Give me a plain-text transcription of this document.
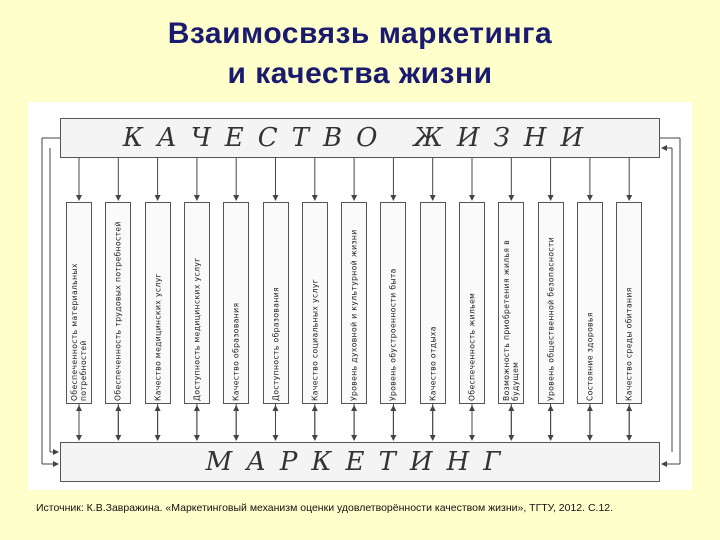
Взаимосвязь маркетинга
и качества жизни
КАЧЕСТВО ЖИЗНИ
Обеспеченность материальных потребностей	Обеспеченность трудовых потребностей	Качество медицинских услуг	Доступность медицинских услуг	Качество образования	Доступность образования	Качество социальных услуг	Уровень духовной и культурной жизни	Уровень обустроенности быта	Качество отдыха	Обеспеченность жильем	Возможность приобретения жилья в будущем	Уровень общественной безопасности	Состояние здоровья	Качество среды обитания
МАРКЕТИНГ
Источник: К.В.Завражина. «Маркетинговый механизм оценки удовлетворённости качеством жизни», ТГТУ, 2012. С.12.
